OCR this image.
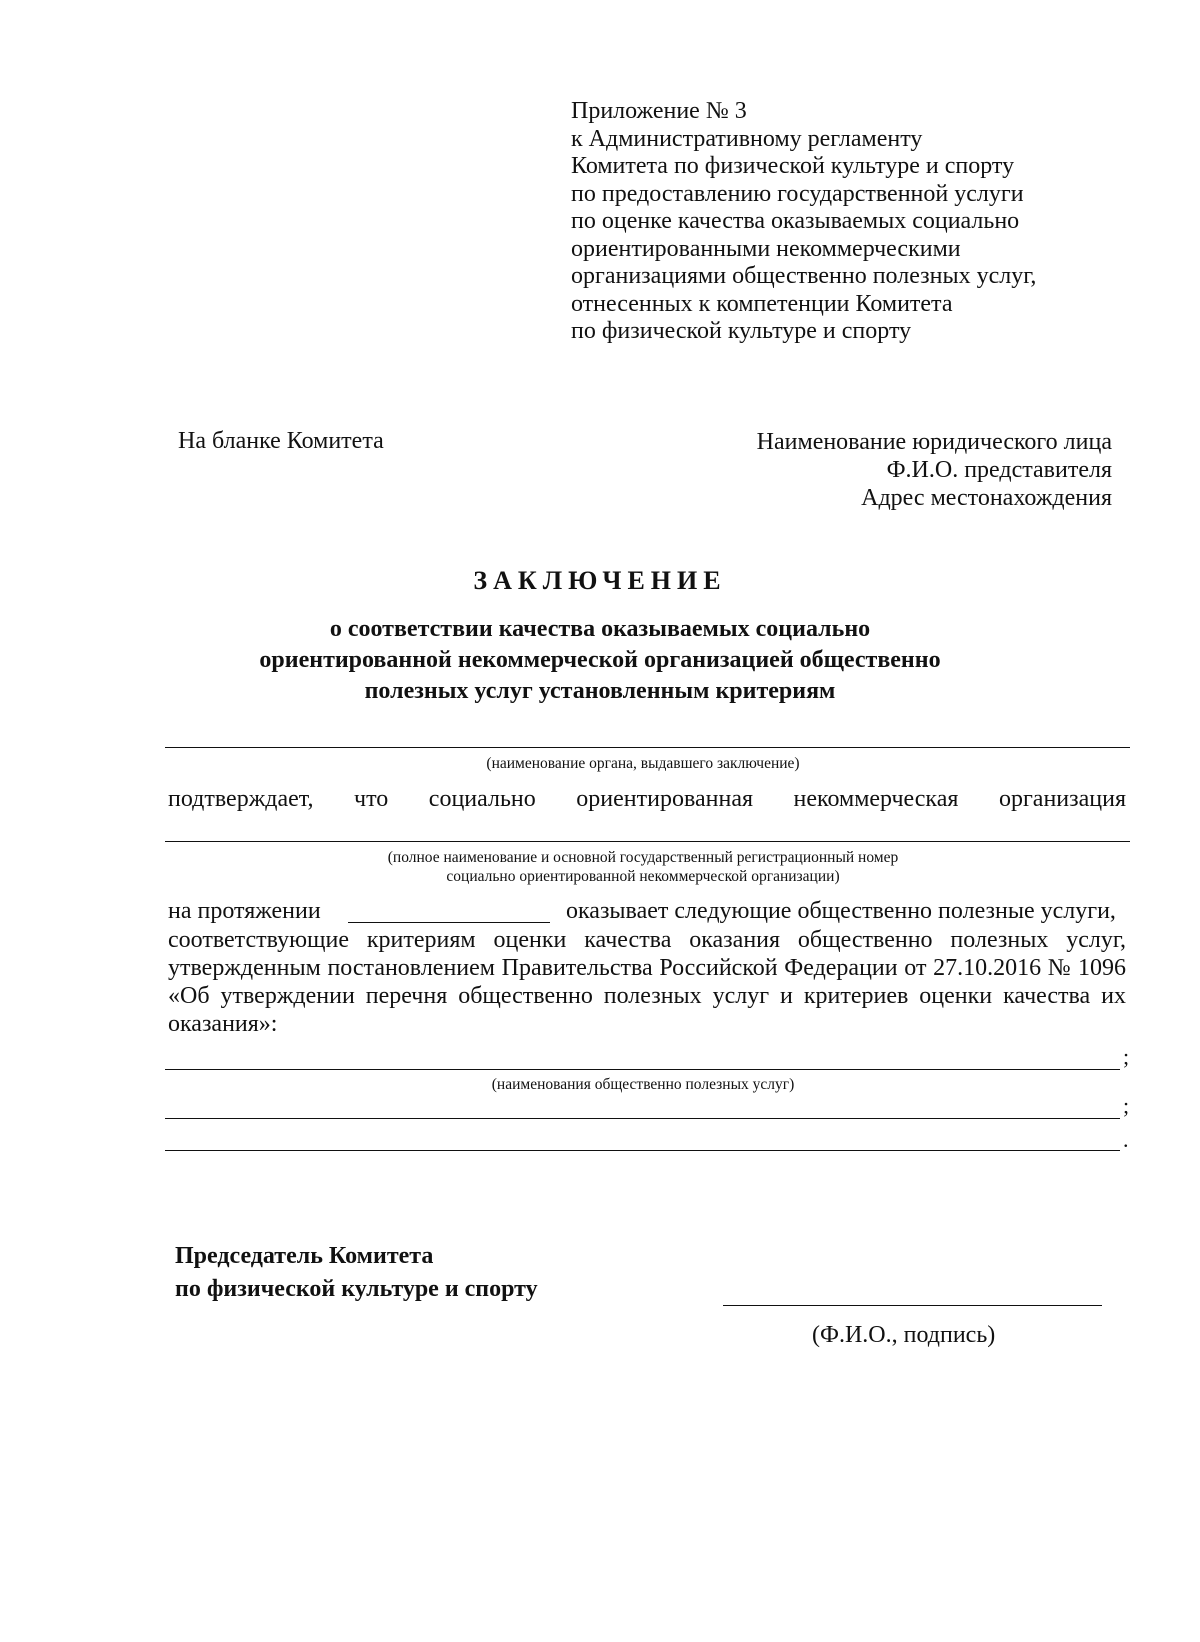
Приложение № 3
к Административному регламенту
Комитета по физической культуре и спорту
по предоставлению государственной услуги
по оценке качества оказываемых социально
ориентированными некоммерческими
организациями общественно полезных услуг,
отнесенных к компетенции Комитета
по физической культуре и спорту
На бланке Комитета	Наименование юридического лица
Ф.И.О. представителя
Адрес местонахождения
ЗАКЛЮЧЕНИЕ
о соответствии качества оказываемых социально
ориентированной некоммерческой организацией общественно
полезных услуг установленным критериям
(наименование органа, выдавшего заключение)
подтверждает, что социально ориентированная некоммерческая организация
(полное наименование и основной государственный регистрационный номер
социально ориентированной некоммерческой организации)
на протяжении	оказывает следующие общественно полезные услуги,
соответствующие критериям оценки качества оказания общественно полезных услуг, утвержденным постановлением Правительства Российской Федерации от 27.10.2016 № 1096 «Об утверждении перечня общественно полезных услуг и критериев оценки качества их оказания»:
;
(наименования общественно полезных услуг)
;
.
Председатель Комитета
по физической культуре и спорту
(Ф.И.О., подпись)
